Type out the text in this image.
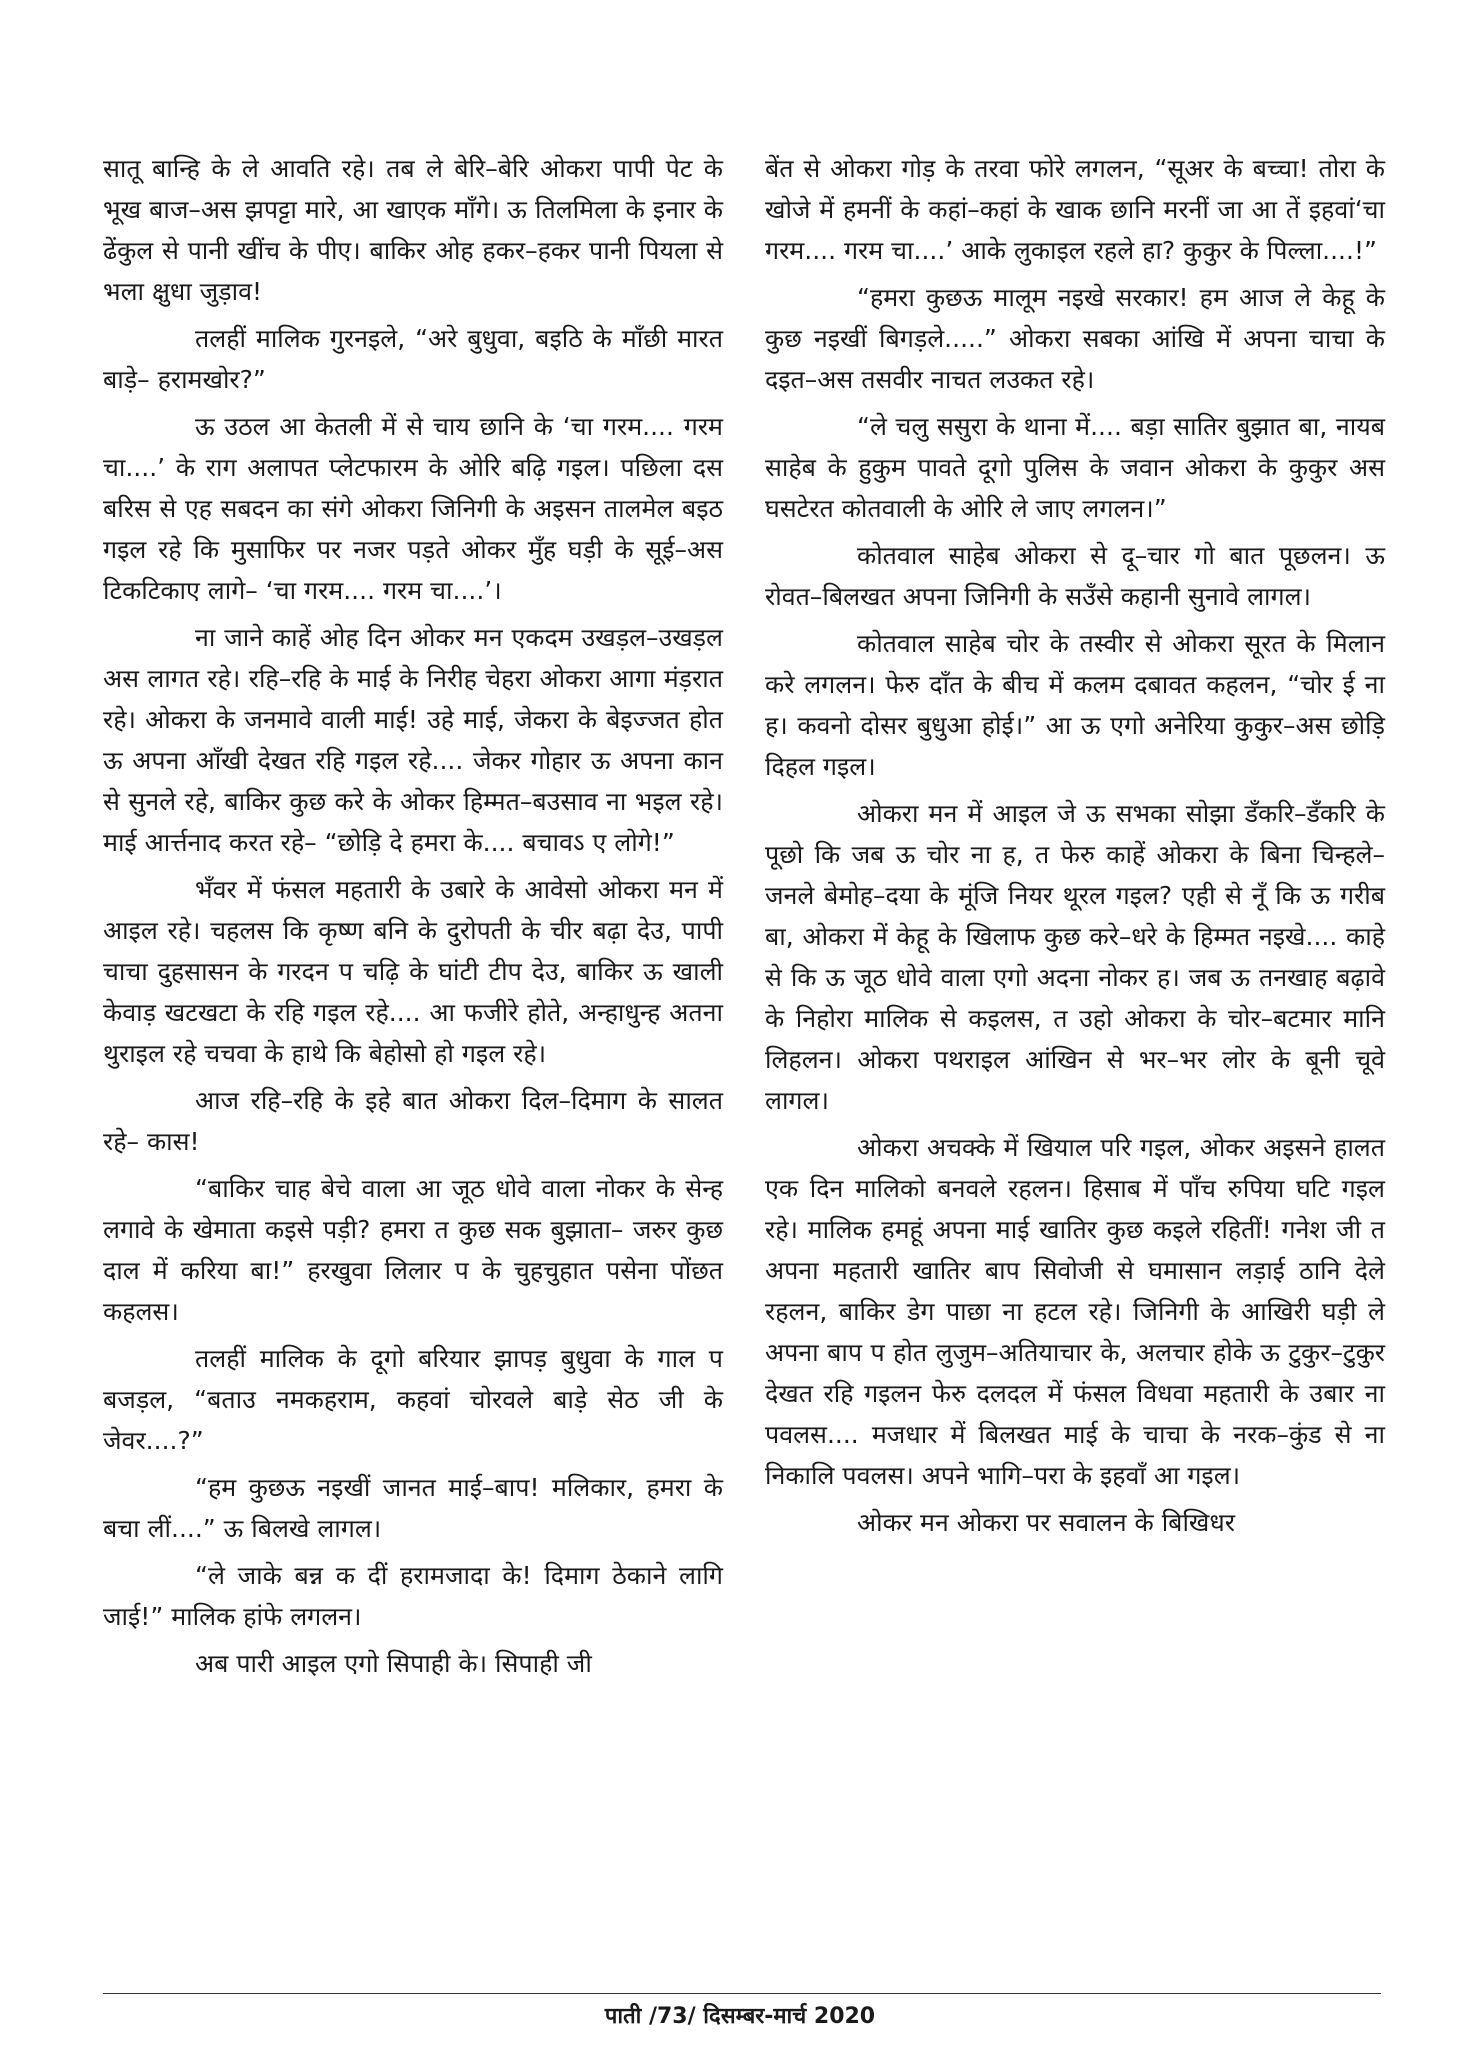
सातू बान्हि के ले आवति रहे। तब ले बेरि–बेरि ओकरा पापी पेट के भूख बाज–अस झपट्टा मारे, आ खाएक माँगे। ऊ तिलमिला के इनार के ढेंकुल से पानी खींच के पीए। बाकिर ओह हकर–हकर पानी पियला से भला क्षुधा जुड़ाव!

तलहीं मालिक गुरनइले, “अरे बुधुवा, बइठि के माँछी मारत बाड़े– हरामखोर?”

ऊ उठल आ केतली में से चाय छानि के ‘चा गरम.... गरम चा....’ के राग अलापत प्लेटफारम के ओरि बढ़ि गइल। पछिला दस बरिस से एह सबदन का संगे ओकरा जिनिगी के अइसन तालमेल बइठ गइल रहे कि मुसाफिर पर नजर पड़ते ओकर मुँह घड़ी के सूई–अस टिकटिकाए लागे– ‘चा गरम.... गरम चा....’।

ना जाने काहें ओह दिन ओकर मन एकदम उखड़ल–उखड़ल अस लागत रहे। रहि–रहि के माई के निरीह चेहरा ओकरा आगा मंड़रात रहे। ओकरा के जनमावे वाली माई! उहे माई, जेकरा के बेइज्जत होत ऊ अपना आँखी देखत रहि गइल रहे.... जेकर गोहार ऊ अपना कान से सुनले रहे, बाकिर कुछ करे के ओकर हिम्मत–बउसाव ना भइल रहे। माई आर्त्तनाद करत रहे– “छोड़ि दे हमरा के.... बचावऽ ए लोगे!”

भँवर में फंसल महतारी के उबारे के आवेसो ओकरा मन में आइल रहे। चहलस कि कृष्ण बनि के दुरोपती के चीर बढ़ा देउ, पापी चाचा दुहसासन के गरदन प चढ़ि के घांटी टीप देउ, बाकिर ऊ खाली केवाड़ खटखटा के रहि गइल रहे.... आ फजीरे होते, अन्हाधुन्ह अतना थुराइल रहे चचवा के हाथे कि बेहोसो हो गइल रहे।

आज रहि–रहि के इहे बात ओकरा दिल–दिमाग के सालत रहे– कास!

“बाकिर चाह बेचे वाला आ जूठ धोवे वाला नोकर के सेन्ह लगावे के खेमाता कइसे पड़ी? हमरा त कुछ सक बुझाता– जरुर कुछ दाल में करिया बा!” हरखुवा लिलार प के चुहचुहात पसेना पोंछत कहलस।

तलहीं मालिक के दूगो बरियार झापड़ बुधुवा के गाल प बजड़ल, “बताउ नमकहराम, कहवां चोरवले बाड़े सेठ जी के जेवर....?”

“हम कुछऊ नइखीं जानत माई–बाप! मलिकार, हमरा के बचा लीं....” ऊ बिलखे लागल।

“ले जाके बन्न क दीं हरामजादा के! दिमाग ठेकाने लागि जाई!” मालिक हांफे लगलन।

अब पारी आइल एगो सिपाही के। सिपाही जी

बेंत से ओकरा गोड़ के तरवा फोरे लगलन, “सूअर के बच्चा! तोरा के खोजे में हमनीं के कहां–कहां के खाक छानि मरनीं जा आ तें इहवां‘चा गरम.... गरम चा....’ आके लुकाइल रहले हा? कुकुर के पिल्ला....!”

“हमरा कुछऊ मालूम नइखे सरकार! हम आज ले केहू के कुछ नइखीं बिगड़ले.....” ओकरा सबका आंखि में अपना चाचा के दइत–अस तसवीर नाचत लउकत रहे।

“ले चलु ससुरा के थाना में.... बड़ा सातिर बुझात बा, नायब साहेब के हुकुम पावते दूगो पुलिस के जवान ओकरा के कुकुर अस घसटेरत कोतवाली के ओरि ले जाए लगलन।”

कोतवाल साहेब ओकरा से दू–चार गो बात पूछलन। ऊ रोवत–बिलखत अपना जिनिगी के सउँसे कहानी सुनावे लागल।

कोतवाल साहेब चोर के तस्वीर से ओकरा सूरत के मिलान करे लगलन। फेरु दाँत के बीच में कलम दबावत कहलन, “चोर ई ना ह। कवनो दोसर बुधुआ होई।” आ ऊ एगो अनेरिया कुकुर–अस छोड़ि दिहल गइल।

ओकरा मन में आइल जे ऊ सभका सोझा डँकरि–डँकरि के पूछो कि जब ऊ चोर ना ह, त फेरु काहें ओकरा के बिना चिन्हले–जनले बेमोह–दया के मूंजि नियर थूरल गइल? एही से नूँ कि ऊ गरीब बा, ओकरा में केहू के खिलाफ कुछ करे–धरे के हिम्मत नइखे.... काहे से कि ऊ जूठ धोवे वाला एगो अदना नोकर ह। जब ऊ तनखाह बढ़ावे के निहोरा मालिक से कइलस, त उहो ओकरा के चोर–बटमार मानि लिहलन। ओकरा पथराइल आंखिन से भर–भर लोर के बूनी चूवे लागल।

ओकरा अचक्के में खियाल परि गइल, ओकर अइसने हालत एक दिन मालिको बनवले रहलन। हिसाब में पाँच रुपिया घटि गइल रहे। मालिक हमहूं अपना माई खातिर कुछ कइले रहितीं! गनेश जी त अपना महतारी खातिर बाप सिवोजी से घमासान लड़ाई ठानि देले रहलन, बाकिर डेग पाछा ना हटल रहे। जिनिगी के आखिरी घड़ी ले अपना बाप प होत लुजुम–अतियाचार के, अलचार होके ऊ टुकुर–टुकुर देखत रहि गइलन फेरु दलदल में फंसल विधवा महतारी के उबार ना पवलस.... मजधार में बिलखत माई के चाचा के नरक–कुंड से ना निकालि पवलस। अपने भागि–परा के इहवाँ आ गइल।

ओकर मन ओकरा पर सवालन के बिखिधर

पाती /73/ दिसम्बर-मार्च 2020
